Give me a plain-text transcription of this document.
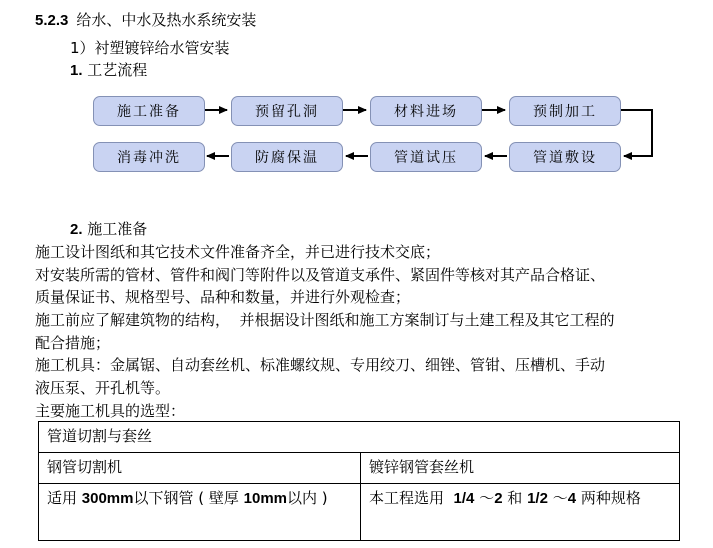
5.2.3 给水、中水及热水系统安装
1）衬塑镀锌给水管安装
1. 工艺流程
施工准备	预留孔洞	材料进场	预制加工
消毒冲洗	防腐保温	管道试压	管道敷设
2. 施工准备
施工设计图纸和其它技术文件准备齐全，并已进行技术交底；
对安装所需的管材、管件和阀门等附件以及管道支承件、紧固件等核对其产品合格证、
质量保证书、规格型号、品种和数量，并进行外观检查；
施工前应了解建筑物的结构，  并根据设计图纸和施工方案制订与土建工程及其它工程的
配合措施；
施工机具：金属锯、自动套丝机、标准螺纹规、专用绞刀、细锉、管钳、压槽机、手动
液压泵、开孔机等。
主要施工机具的选型：
管道切割与套丝	
钢管切割机	镀锌钢管套丝机
适用 300mm以下钢管 ( 壁厚 10mm以内 )	本工程选用  1/4 ～2 和 1/2 ～4 两种规格
